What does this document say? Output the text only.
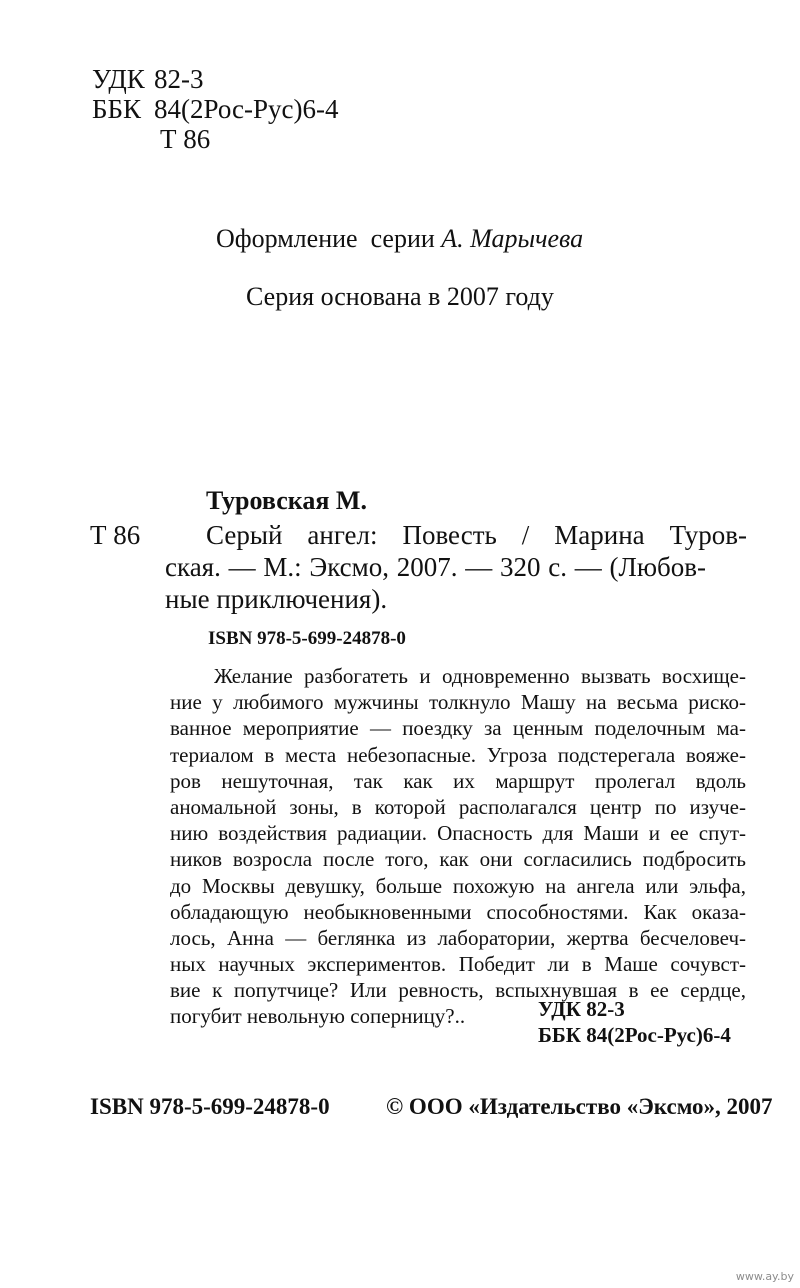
УДК 82-3
ББК 84(2Рос-Рус)6-4
Т 86
Оформление  серии А. Марычева
Серия основана в 2007 году
Туровская М.
Т 86 Серый ангел: Повесть / Марина Туров-
ская. — М.: Эксмо, 2007. — 320 с. — (Любов-
ные приключения).
ISBN 978-5-699-24878-0
Желание разбогатеть и одновременно вызвать восхище-
ние у любимого мужчины толкнуло Машу на весьма риско-
ванное мероприятие — поездку за ценным поделочным ма-
териалом в места небезопасные. Угроза подстерегала вояже-
ров нешуточная, так как их маршрут пролегал вдоль
аномальной зоны, в которой располагался центр по изуче-
нию воздействия радиации. Опасность для Маши и ее спут-
ников возросла после того, как они согласились подбросить
до Москвы девушку, больше похожую на ангела или эльфа,
обладающую необыкновенными способностями. Как оказа-
лось, Анна — беглянка из лаборатории, жертва бесчеловеч-
ных научных экспериментов. Победит ли в Маше сочувст-
вие к попутчице? Или ревность, вспыхнувшая в ее сердце,
погубит невольную соперницу?..	УДК 82-3
ББК 84(2Рос-Рус)6-4
ISBN 978-5-699-24878-0 © ООО «Издательство «Эксмо», 2007
www.ay.by
